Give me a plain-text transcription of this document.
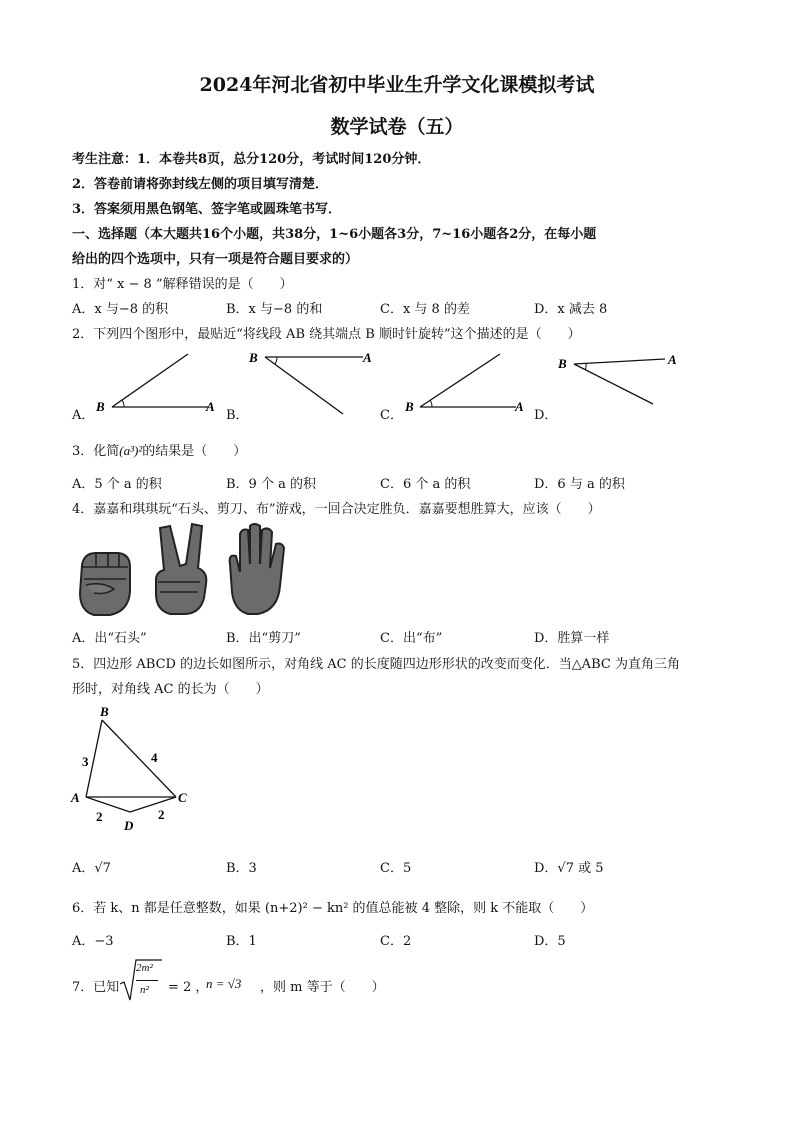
2024年河北省初中毕业生升学文化课模拟考试
数学试卷（五）
考生注意：1．本卷共8页，总分120分，考试时间120分钟．
2．答卷前请将弥封线左侧的项目填写清楚．
3．答案须用黑色钢笔、签字笔或圆珠笔书写．
一、选择题（本大题共16个小题，共38分，1~6小题各3分，7~16小题各2分，在每小题
给出的四个选项中，只有一项是符合题目要求的）
1．对“ x − 8 ”解释错误的是（　　）
A．x 与−8 的积	B．x 与−8 的和	C．x 与 8 的差	D．x 减去 8
2．下列四个图形中，最贴近“将线段 AB 绕其端点 B 顺时针旋转”这个描述的是（　　）
B	A
A．
B	A
B．
B	A
C．
B	A
D．
3．化简(a³)²的结果是（　　）
A．5 个 a 的积	B．9 个 a 的积	C．6 个 a 的积	D．6 与 a 的积
4．嘉嘉和琪琪玩“石头、剪刀、布”游戏，一回合决定胜负．嘉嘉要想胜算大，应该（　　）
A．出“石头”	B．出“剪刀”	C．出“布”	D．胜算一样
5．四边形 ABCD 的边长如图所示，对角线 AC 的长度随四边形形状的改变而变化．当△ABC 为直角三角
形时，对角线 AC 的长为（　　）
B
A	C
D
3	4
2	2
A．√7	B．3	C．5	D．√7 或 5
6．若 k、n 都是任意整数，如果 (n+2)² − kn² 的值总能被 4 整除，则 k 不能取（　　）
A．−3	B．1	C．2	D．5
7．已知
2m²
n² = 2 ，
n = √3 ，则 m 等于（　　）
